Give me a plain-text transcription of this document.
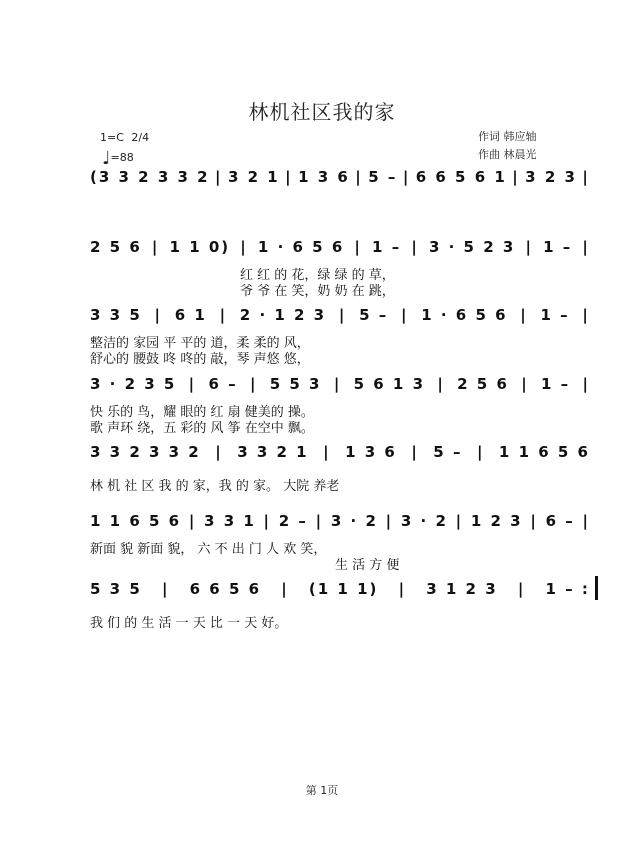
林机社区我的家
1=C 2/4
♩=88
作词 韩应轴
作曲 林晨光
(3 3 2 3 3 2 | 3 2 1 | 1 3 6 | 5 – | 6 6 5 6 1 | 3 2 3 |
2 5 6 | 1 1 0) | 1 · 6 5 6 | 1 – | 3 · 5 2 3 | 1 – |
红 红 的 花，绿 绿 的 草，
爷 爷 在 笑，奶 奶 在 跳，
3 3 5 | 6 1 | 2 · 1 2 3 | 5 – | 1 · 6 5 6 | 1 – |
整洁的 家园 平 平的 道，柔 柔的 风，
舒心的 腰鼓 咚 咚的 敲，琴 声悠 悠，
3 · 2 3 5 | 6 – | 5 5 3 | 5 6 1 3 | 2 5 6 | 1 – |
快 乐的 鸟，耀 眼的 红 扇 健美的 操。
歌 声环 绕，五 彩的 风 筝 在空中 飘。
3 3 2 3 3 2 | 3 3 2 1 | 1 3 6 | 5 – | 1 1 6 5 6
林 机 社 区 我 的 家，我 的 家。 大院 养老
1 1 6 5 6 | 3 3 1 | 2 – | 3 · 2 | 3 · 2 | 1 2 3 | 6 – |
新面 貌 新面 貌， 六 不 出 门 人 欢 笑，
生 活 方 便
5 3 5 | 6 6 5 6 | (1 1 1) | 3 1 2 3 | 1 – :
我 们 的 生 活 一 天 比 一 天 好。
第 1页
